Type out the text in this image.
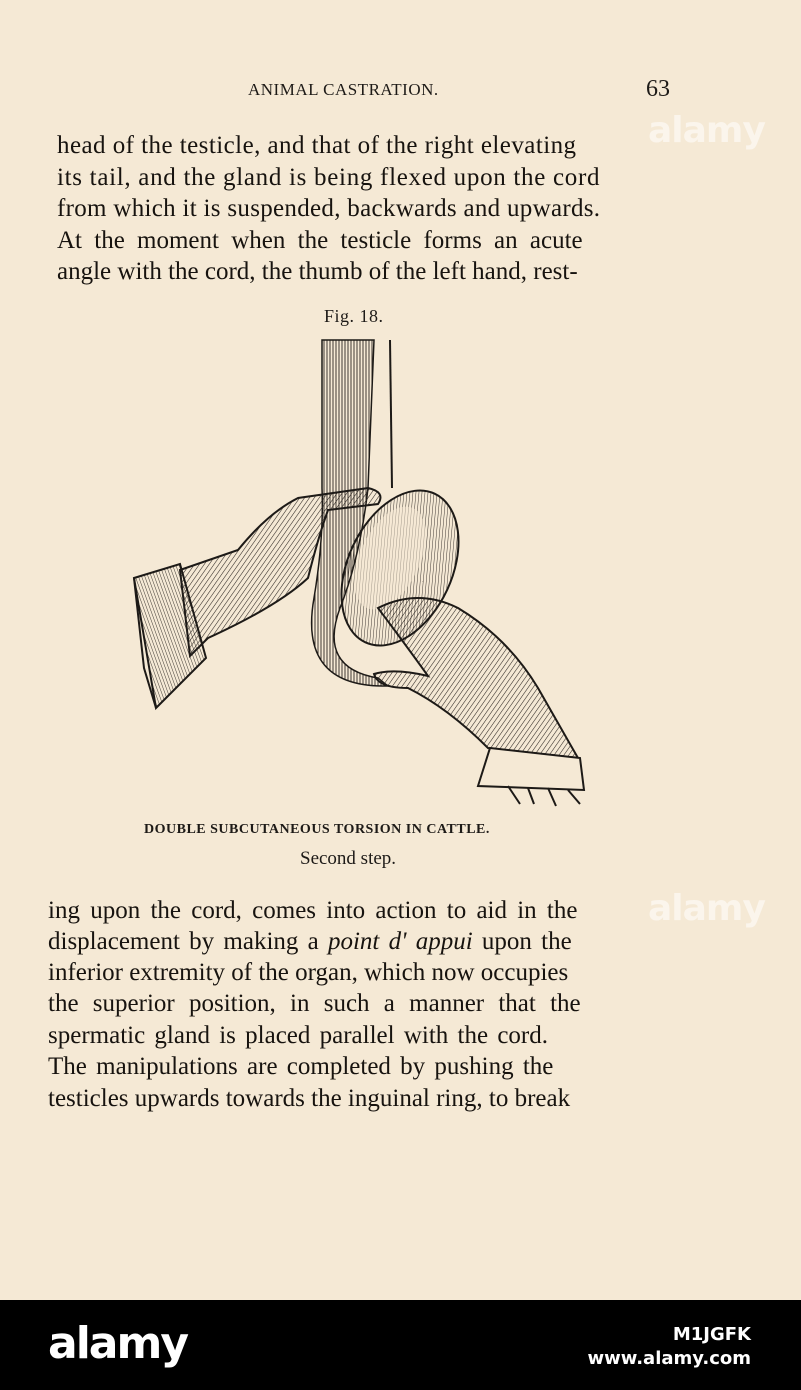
ANIMAL CASTRATION.	63
head of the testicle, and that of the right elevating
its tail, and the gland is being flexed upon the cord
from which it is suspended, backwards and upwards.
At the moment when the testicle forms an acute
angle with the cord, the thumb of the left hand, rest-
Fig. 18.
DOUBLE SUBCUTANEOUS TORSION IN CATTLE.
Second step.
ing upon the cord, comes into action to aid in the
displacement by making a point d' appui upon the
inferior extremity of the organ, which now occupies
the superior position, in such a manner that the
spermatic gland is placed parallel with the cord.
The manipulations are completed by pushing the
testicles upwards towards the inguinal ring, to break
alamy
alamy
alamy	M1JGFK
www.alamy.com
